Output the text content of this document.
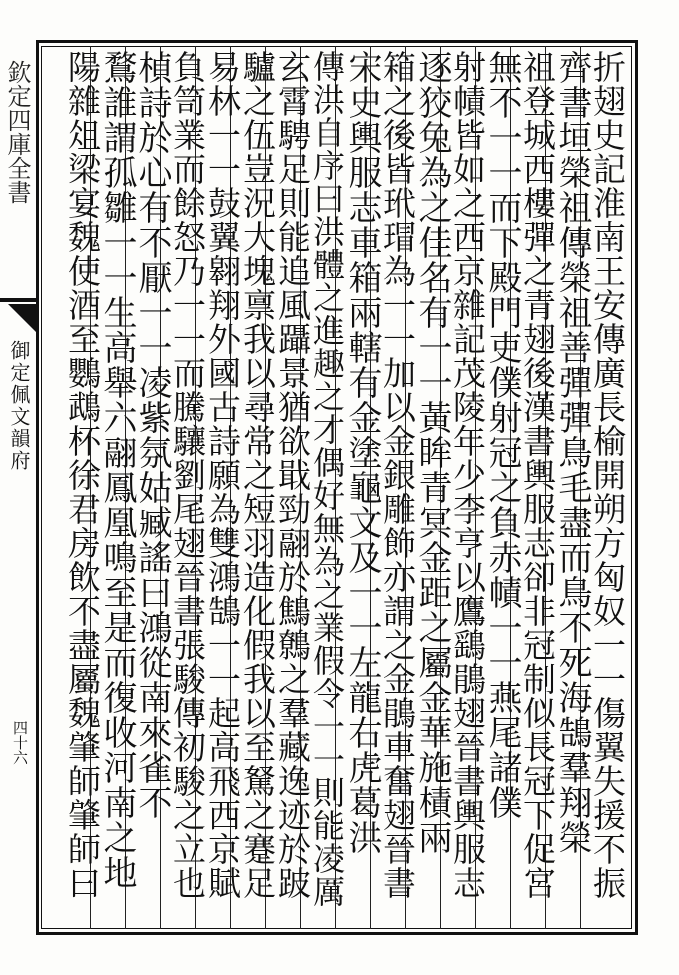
欽定四庫全書
御定佩文韻府
四十六	折翅史記淮南王安傳廣長榆開朔方匈奴一一傷翼失援不振
齊書垣榮祖傳榮祖善彈彈鳥毛盡而鳥不死海鵠羣翔榮
祖登城西樓彈之青翅後漢書輿服志卻非冠制似長冠下促宮
無不一一而下殿門吏僕射冠之負赤幘一一燕尾諸僕
射幘皆如之西京雜記茂陵年少李亨以鷹鷂鵑翅晉書輿服志
逐狡兔為之佳名有一一黃眸青冥金距之屬金華施樍兩
箱之後皆玳瑁為一一加以金銀雕飾亦謂之金鵑車奮翅晉書
宋史輿服志車箱兩轄有金塗龜文及一一左龍右虎葛洪
傳洪自序曰洪體之進趣之才偶好無為之業假令一一則能凌厲
玄霄騁足則能追風躡景猶欲戢勁翮於鷦鷯之羣藏逸迹於跛
驢之伍豈況大塊禀我以尋常之短羽造化假我以至駑之蹇足
易林一一鼓翼翱翔外國古詩願為雙鴻鵠一一起高飛西京賦
負笥業而餘怒乃一一而騰驤劉尾翅晉書張駿傳初駿之立也
楨詩於心有不厭一一凌紫氛姑臧謠曰鴻從南來雀不
鶩誰謂孤雛一一生高舉六翮鳳凰鳴至是而復收河南之地
陽雜俎梁宴魏使酒至鸚鵡杯徐君房飲不盡屬魏肇師肇師曰
